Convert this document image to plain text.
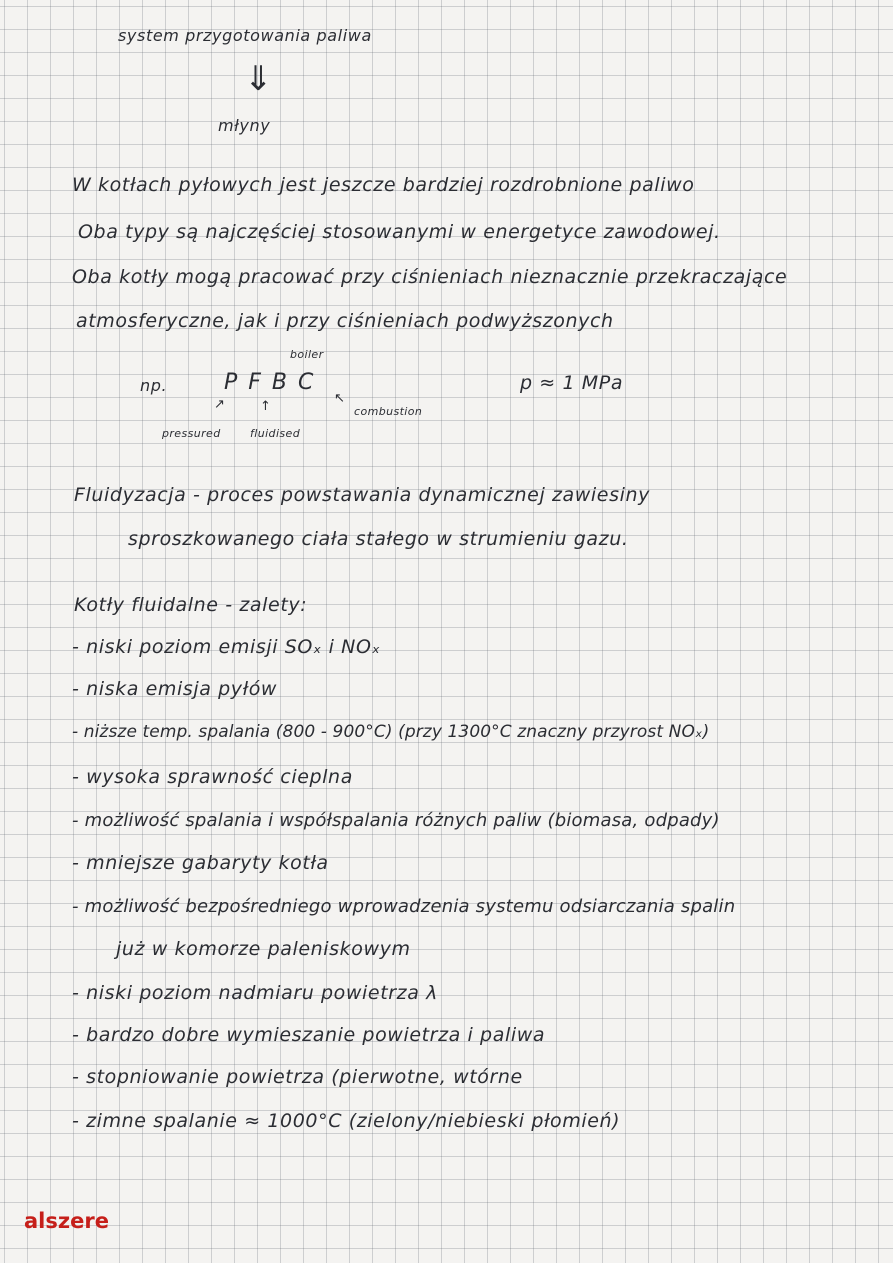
system przygotowania paliwa
⇓
młyny
W kotłach pyłowych jest jeszcze bardziej rozdrobnione paliwo
Oba typy są najczęściej stosowanymi w energetyce zawodowej.
Oba kotły mogą pracować przy ciśnieniach nieznacznie przekraczające
atmosferyczne, jak i przy ciśnieniach podwyższonych
boiler
np.	P F B C
↖
combustion
↗	↑
pressured	fluidised
p ≈ 1 MPa
Fluidyzacja - proces powstawania dynamicznej zawiesiny
sproszkowanego ciała stałego w strumieniu gazu.
Kotły fluidalne - zalety:
- niski poziom emisji SOₓ i NOₓ
- niska emisja pyłów
- niższe temp. spalania (800 - 900°C) (przy 1300°C znaczny przyrost NOₓ)
- wysoka sprawność cieplna
- możliwość spalania i współspalania różnych paliw (biomasa, odpady)
- mniejsze gabaryty kotła
- możliwość bezpośredniego wprowadzenia systemu odsiarczania spalin
już w komorze paleniskowym
- niski poziom nadmiaru powietrza λ
- bardzo dobre wymieszanie powietrza i paliwa
- stopniowanie powietrza (pierwotne, wtórne
- zimne spalanie ≈ 1000°C (zielony/niebieski płomień)
alszere
